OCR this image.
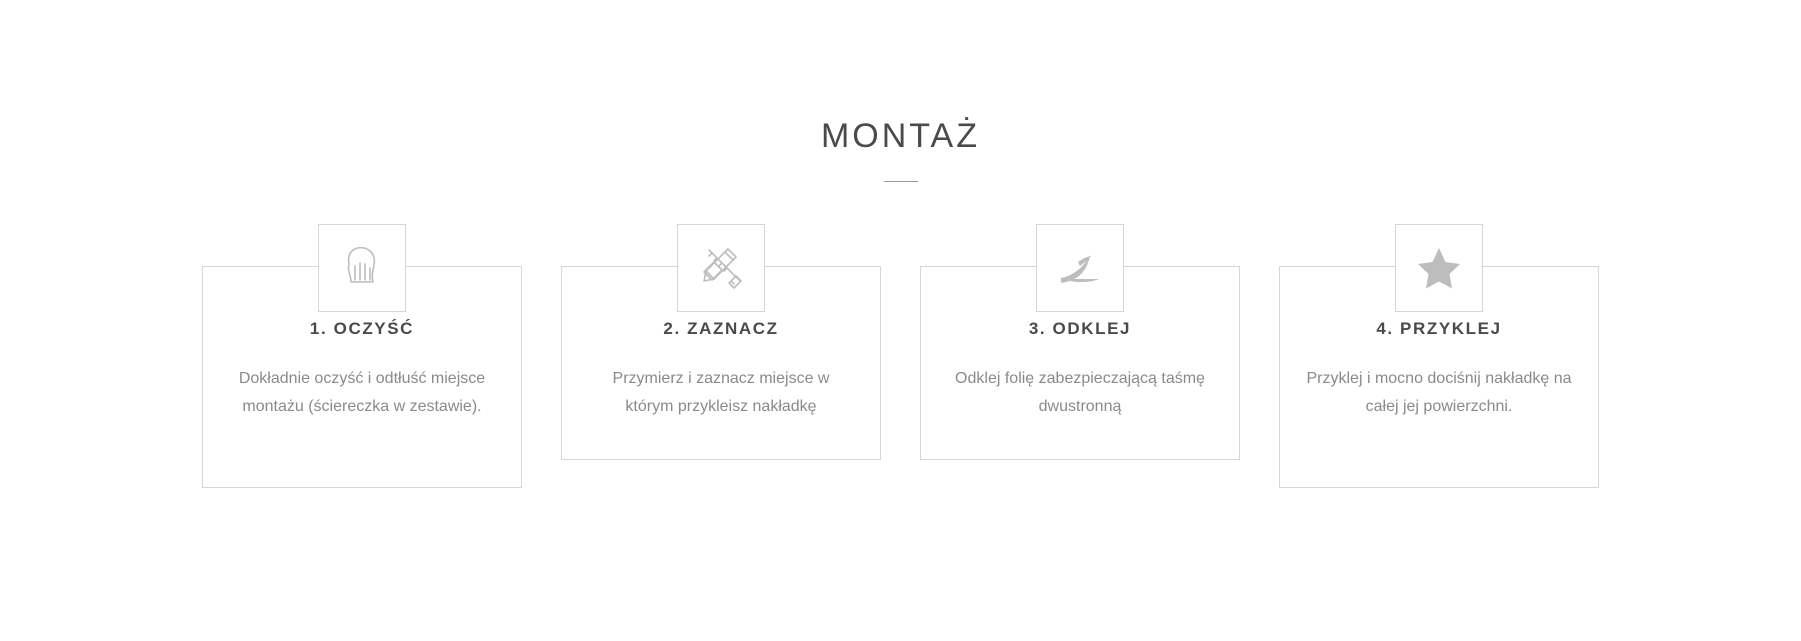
MONTAŻ
1. OCZYŚĆ
Dokładnie oczyść i odtłuść miejsce montażu (ściereczka w zestawie).
2. ZAZNACZ
Przymierz i zaznacz miejsce w którym przykleisz nakładkę
3. ODKLEJ
Odklej folię zabezpieczającą taśmę dwustronną
4. PRZYKLEJ
Przyklej i mocno dociśnij nakładkę na całej jej powierzchni.
